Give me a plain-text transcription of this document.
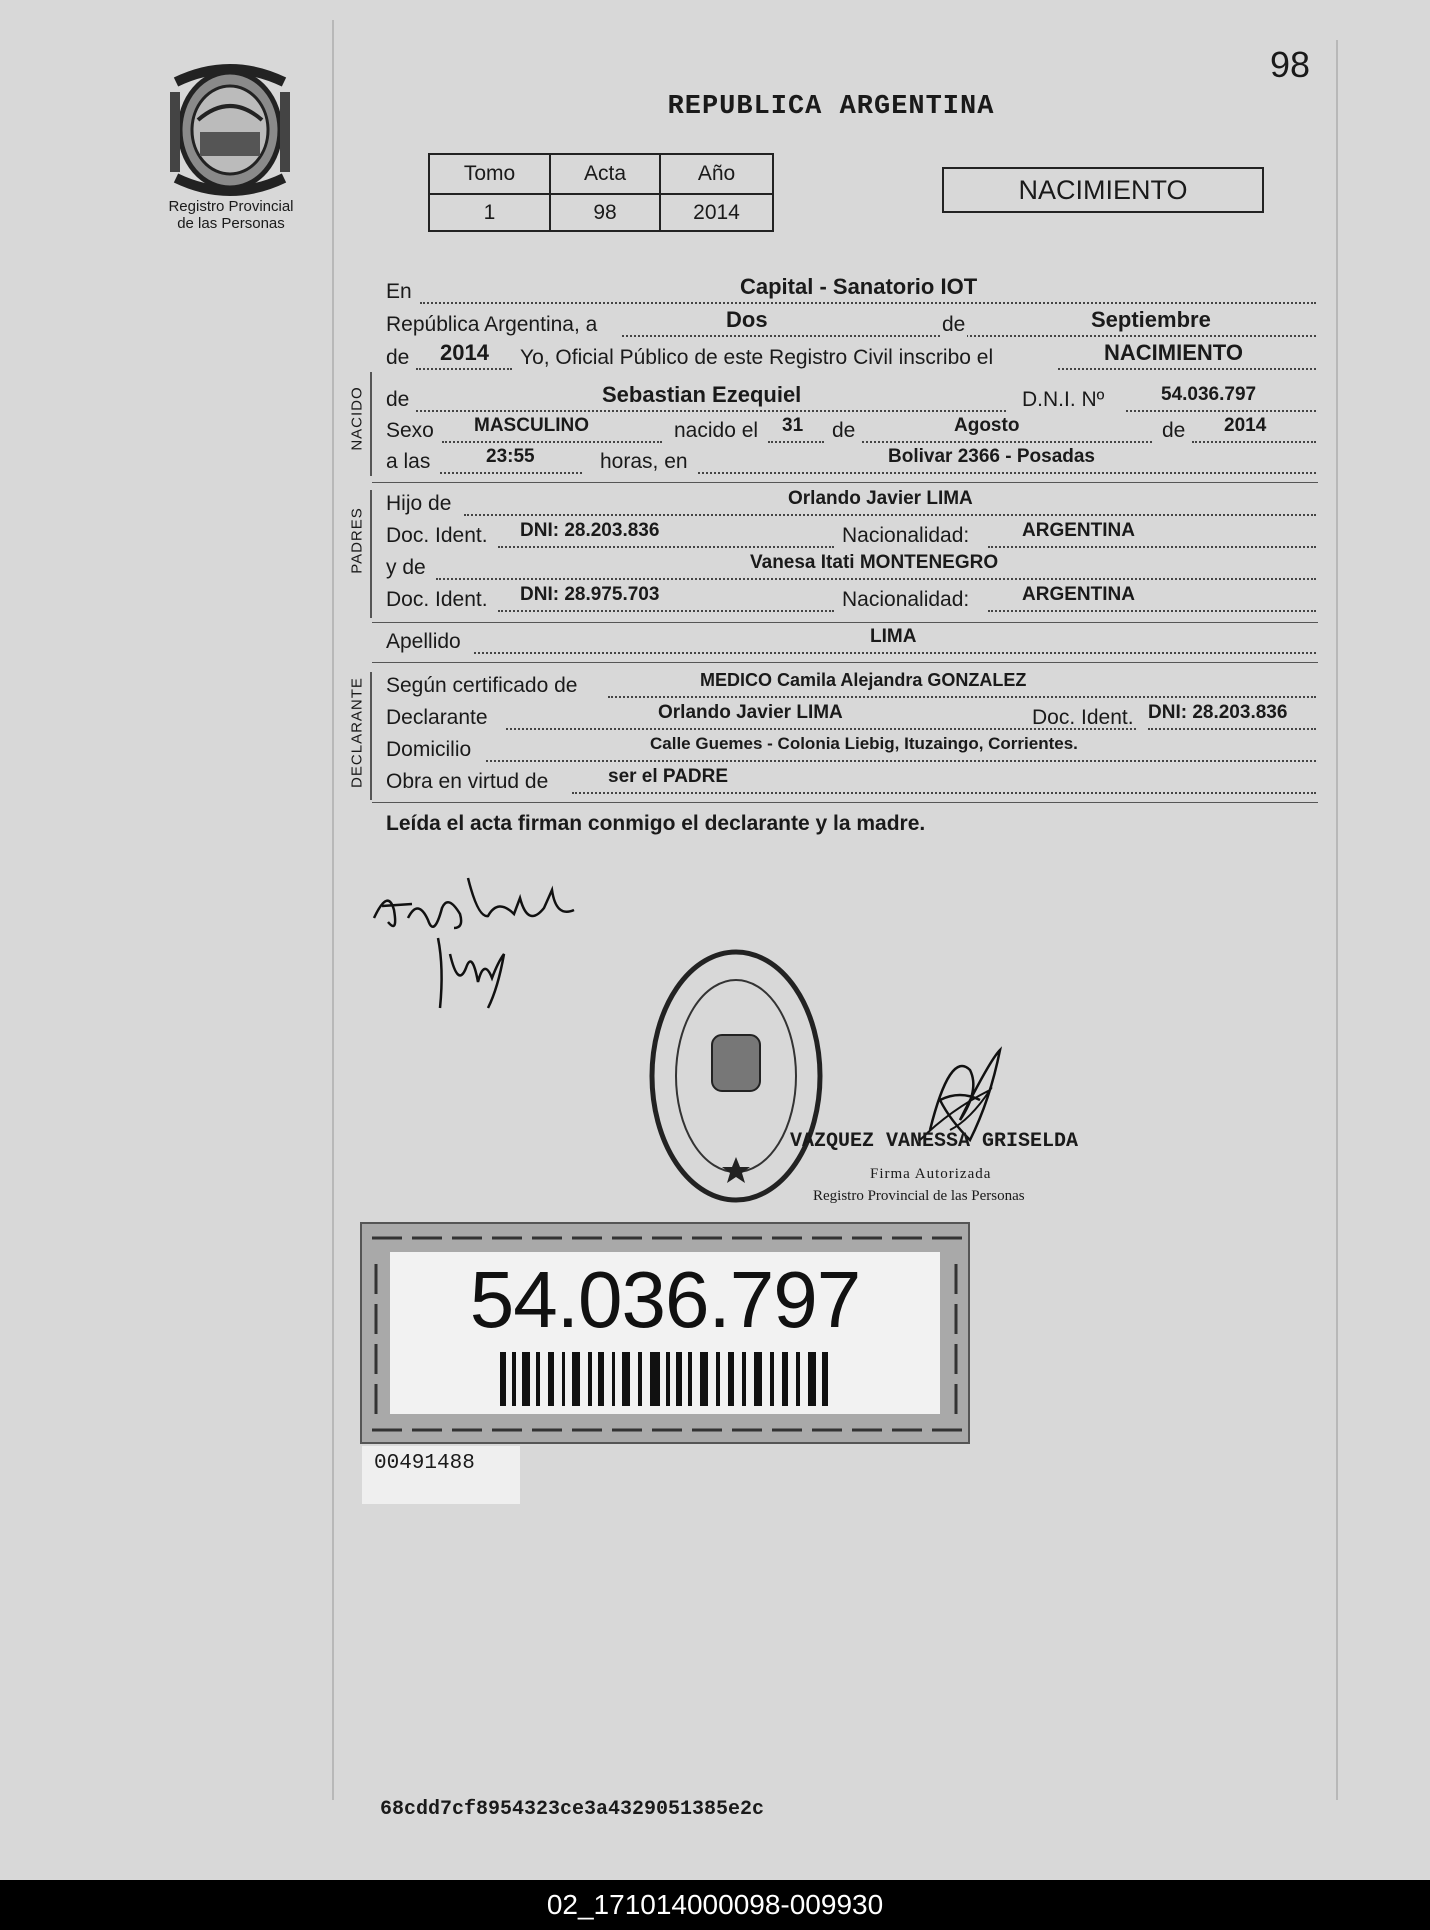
Registro Provincial
de las Personas
98
REPUBLICA ARGENTINA
Tomo	Acta	Año
1	98	2014
NACIMIENTO
En	Capital - Sanatorio IOT
República Argentina, a	Dos	de	Septiembre
de 2014 Yo, Oficial Público de este Registro Civil inscribo el	NACIMIENTO
NACIDO de	Sebastian Ezequiel	D.N.I. Nº	54.036.797
Sexo MASCULINO	nacido el 31 de	Agosto	de 2014
a las	23:55	horas, en	Bolivar 2366 - Posadas
PADRES
Hijo de	Orlando Javier LIMA
Doc. Ident. DNI: 28.203.836	Nacionalidad:	ARGENTINA
y de	Vanesa Itati MONTENEGRO
Doc. Ident. DNI: 28.975.703	Nacionalidad:	ARGENTINA
Apellido	LIMA
DECLARANTE Según certificado de	MEDICO Camila Alejandra GONZALEZ
Declarante	Orlando Javier LIMA	Doc. Ident. DNI: 28.203.836
Domicilio	Calle Guemes - Colonia Liebig, Ituzaingo, Corrientes.
Obra en virtud de	ser el PADRE
Leída el acta firman conmigo el declarante y la madre.
VAZQUEZ VANESSA GRISELDA
Firma Autorizada
Registro Provincial de las Personas
54.036.797
00491488
68cdd7cf8954323ce3a4329051385e2c
02_171014000098-009930
